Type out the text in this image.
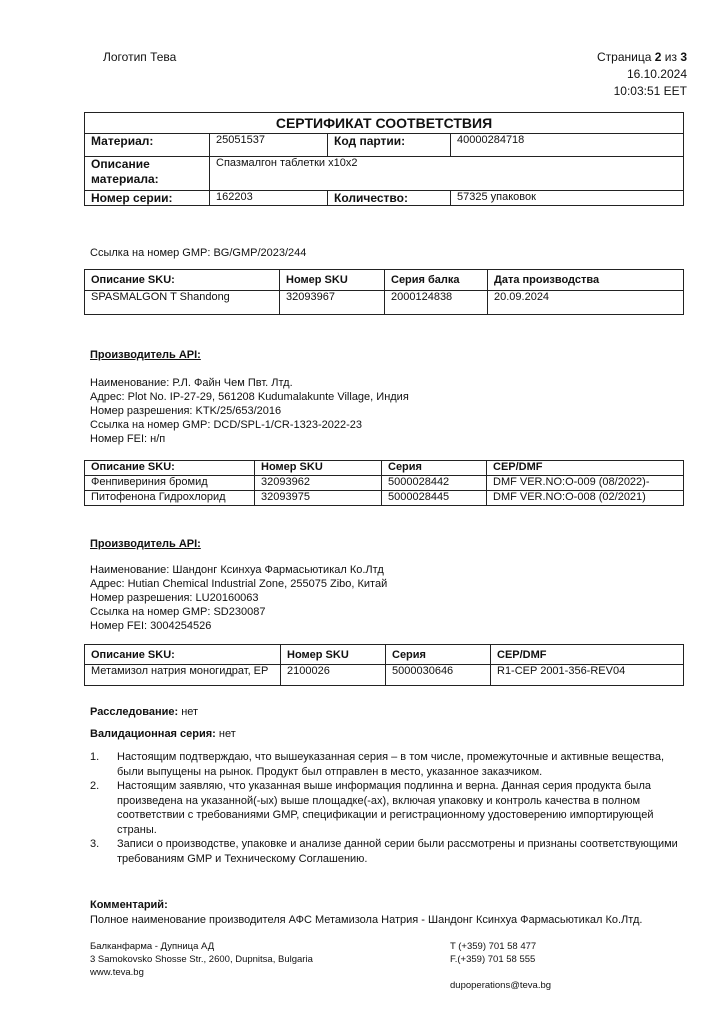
Логотип Тева	Страница 2 из 3
16.10.2024
10:03:51 EET
СЕРТИФИКАТ СООТВЕТСТВИЯ			
Материал:	25051537	Код партии:	40000284718
Описание материала:	Спазмалгон таблетки х10х2		
Номер серии:	162203	Количество:	57325 упаковок
Ссылка на номер GMP: BG/GMP/2023/244
Описание SKU:	Номер SKU	Серия балка	Дата производства
SPASMALGON T Shandong	32093967	2000124838	20.09.2024
Производитель API:
Наименование: Р.Л. Файн Чем Пвт. Лтд.
Адрес: Plot No. IP-27-29, 561208 Kudumalakunte Village, Индия
Номер разрешения: KTK/25/653/2016
Ссылка на номер GMP: DCD/SPL-1/CR-1323-2022-23
Номер FEI: н/п
Описание SKU:	Номер SKU	Серия	CEP/DMF
Фенпивериния бромид	32093962	5000028442	DMF VER.NO:O-009 (08/2022)-
Питофенона Гидрохлорид	32093975	5000028445	DMF VER.NO:O-008 (02/2021)
Производитель API:
Наименование: Шандонг Ксинхуа Фармасьютикал Ко.Лтд
Адрес: Hutian Chemical Industrial Zone, 255075 Zibo, Китай
Номер разрешения: LU20160063
Ссылка на номер GMP: SD230087
Номер FEI: 3004254526
Описание SKU:	Номер SKU	Серия	CEP/DMF
Метамизол натрия моногидрат, ЕР	2100026	5000030646	R1-CEP 2001-356-REV04
Расследование: нет
Валидационная серия: нет
1.	Настоящим подтверждаю, что вышеуказанная серия – в том числе, промежуточные и активные вещества, были выпущены на рынок. Продукт был отправлен в место, указанное заказчиком.
2.	Настоящим заявляю, что указанная выше информация подлинна и верна. Данная серия продукта была произведена на указанной(-ых) выше площадке(-ах), включая упаковку и контроль качества в полном соответствии с требованиями GMP, спецификации и регистрационному удостоверению импортирующей страны.
3.	Записи о производстве, упаковке и анализе данной серии были рассмотрены и признаны соответствующими требованиям GMP и Техническому Соглашению.
Комментарий:
Полное наименование производителя АФС Метамизола Натрия - Шандонг Ксинхуа Фармасьютикал Ко.Лтд.
Балканфарма - Дупница АД
3 Samokovsko Shosse Str., 2600, Dupnitsa, Bulgaria
www.teva.bg
T (+359) 701 58 477
F.(+359) 701 58 555
dupoperations@teva.bg
